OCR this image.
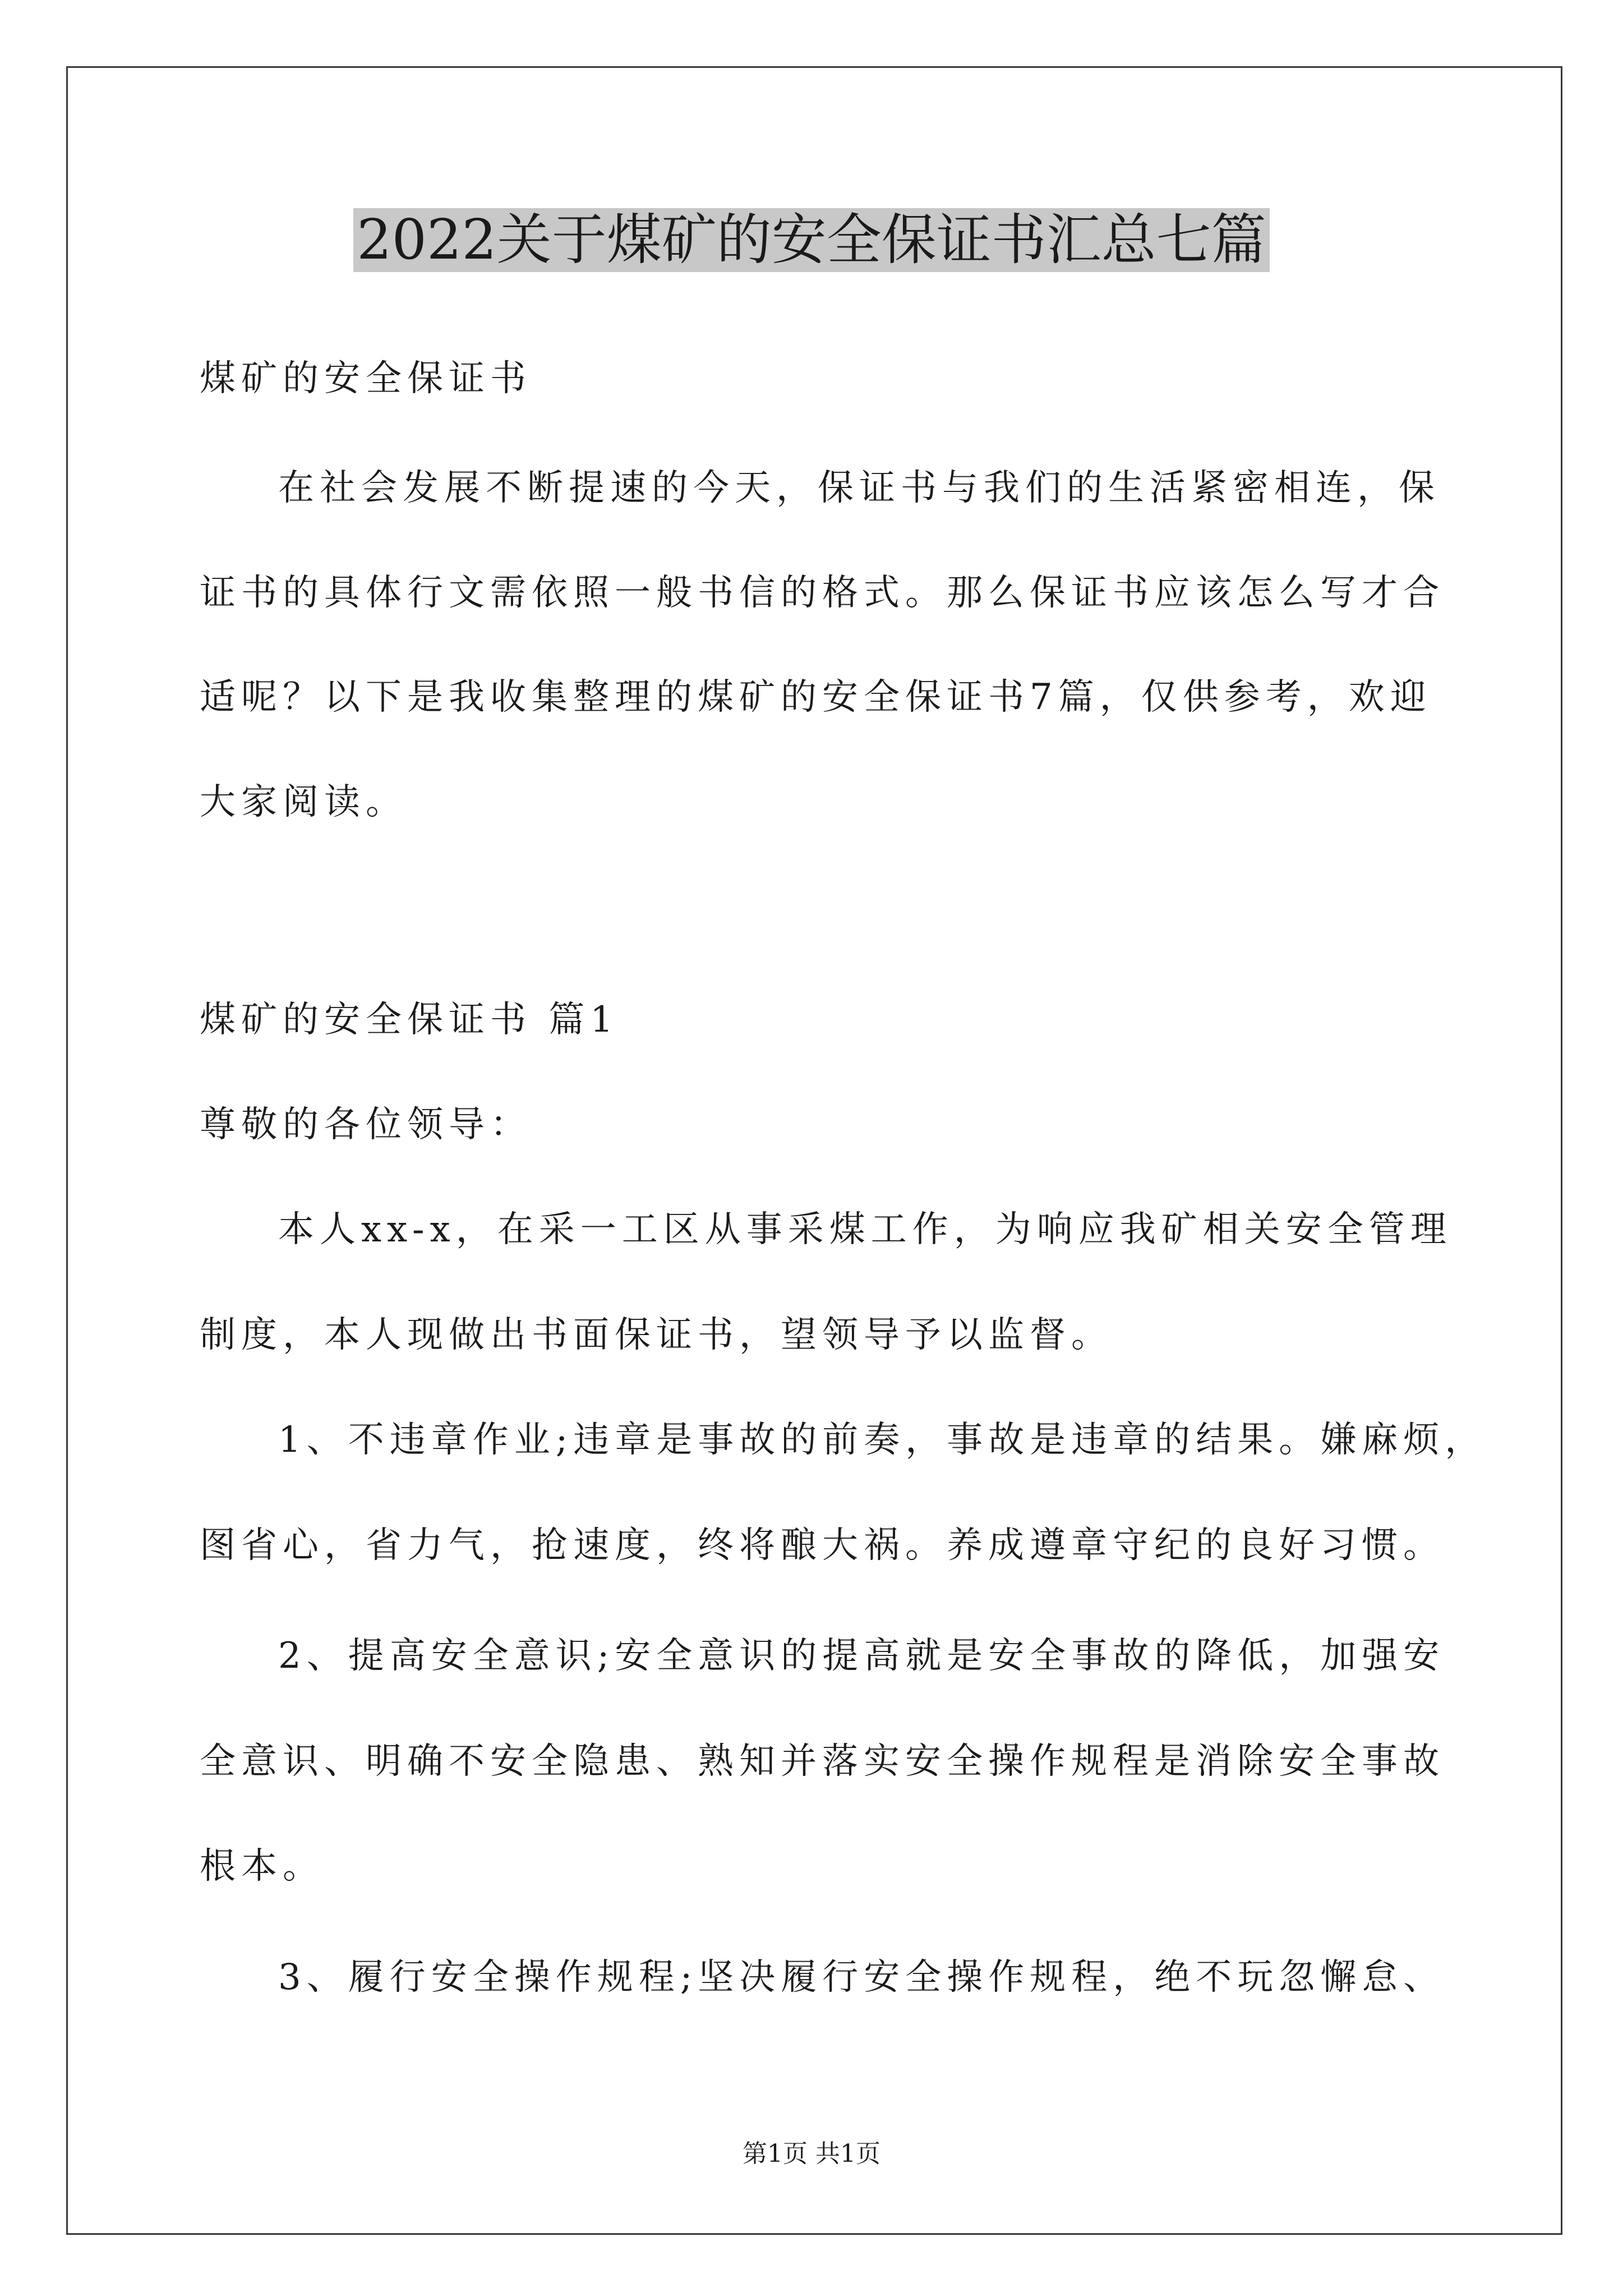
2022关于煤矿的安全保证书汇总七篇
煤矿的安全保证书
在社会发展不断提速的今天，保证书与我们的生活紧密相连，保
证书的具体行文需依照一般书信的格式。那么保证书应该怎么写才合
适呢？以下是我收集整理的煤矿的安全保证书7篇，仅供参考，欢迎
大家阅读。
煤矿的安全保证书 篇1
尊敬的各位领导：
本人xx-x，在采一工区从事采煤工作，为响应我矿相关安全管理
制度，本人现做出书面保证书，望领导予以监督。
1、不违章作业;违章是事故的前奏，事故是违章的结果。嫌麻烦，
图省心，省力气，抢速度，终将酿大祸。养成遵章守纪的良好习惯。
2、提高安全意识;安全意识的提高就是安全事故的降低，加强安
全意识、明确不安全隐患、熟知并落实安全操作规程是消除安全事故
根本。
3、履行安全操作规程;坚决履行安全操作规程，绝不玩忽懈怠、
第1页 共1页
